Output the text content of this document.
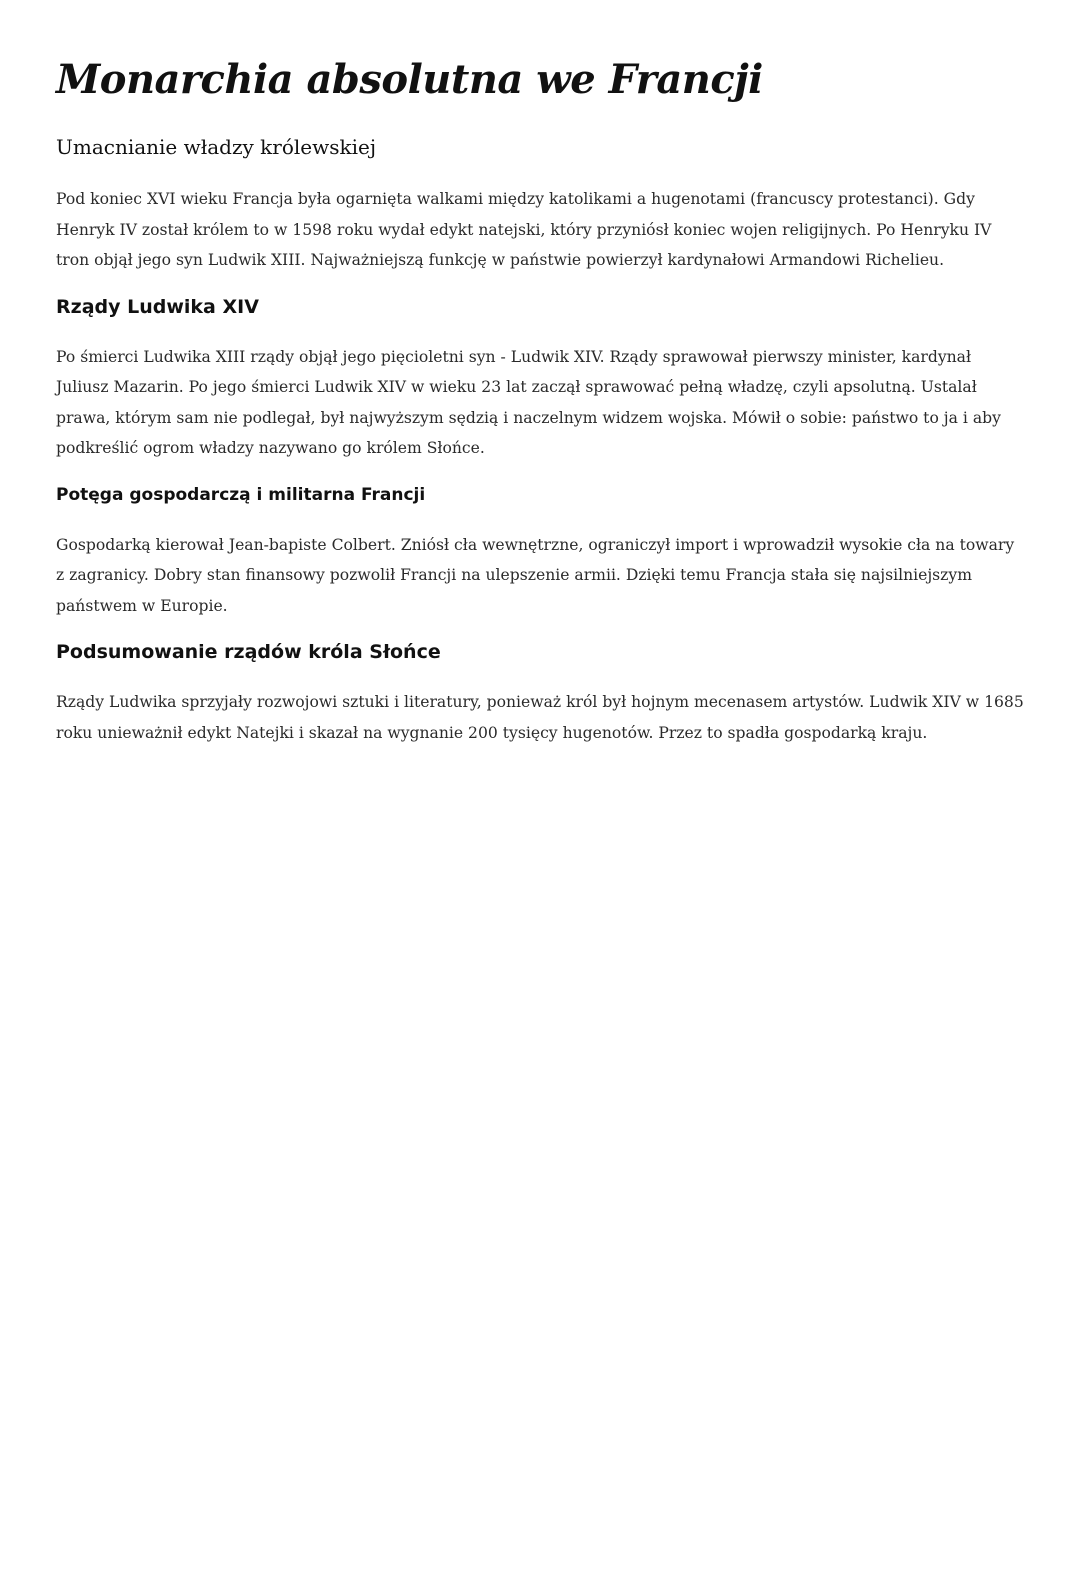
Monarchia absolutna we Francji
Umacnianie władzy królewskiej

Pod koniec XVI wieku Francja była ogarnięta walkami między katolikami a hugenotami (francuscy protestanci). Gdy Henryk IV został królem to w 1598 roku wydał edykt natejski, który przyniósł koniec wojen religijnych. Po Henryku IV tron objął jego syn Ludwik XIII. Najważniejszą funkcję w państwie powierzył kardynałowi Armandowi Richelieu.

Rządy Ludwika XIV

Po śmierci Ludwika XIII rządy objął jego pięcioletni syn - Ludwik XIV. Rządy sprawował pierwszy minister, kardynał Juliusz Mazarin. Po jego śmierci Ludwik XIV w wieku 23 lat zaczął sprawować pełną władzę, czyli apsolutną. Ustalał prawa, którym sam nie podlegał, był najwyższym sędzią i naczelnym widzem wojska. Mówił o sobie: państwo to ja i aby podkreślić ogrom władzy nazywano go królem Słońce.

Potęga gospodarczą i militarna Francji

Gospodarką kierował Jean-bapiste Colbert. Zniósł cła wewnętrzne, ograniczył import i wprowadził wysokie cła na towary z zagranicy. Dobry stan finansowy pozwolił Francji na ulepszenie armii. Dzięki temu Francja stała się najsilniejszym państwem w Europie.

Podsumowanie rządów króla Słońce

Rządy Ludwika sprzyjały rozwojowi sztuki i literatury, ponieważ król był hojnym mecenasem artystów. Ludwik XIV w 1685 roku unieważnił edykt Natejki i skazał na wygnanie 200 tysięcy hugenotów. Przez to spadła gospodarką kraju.
